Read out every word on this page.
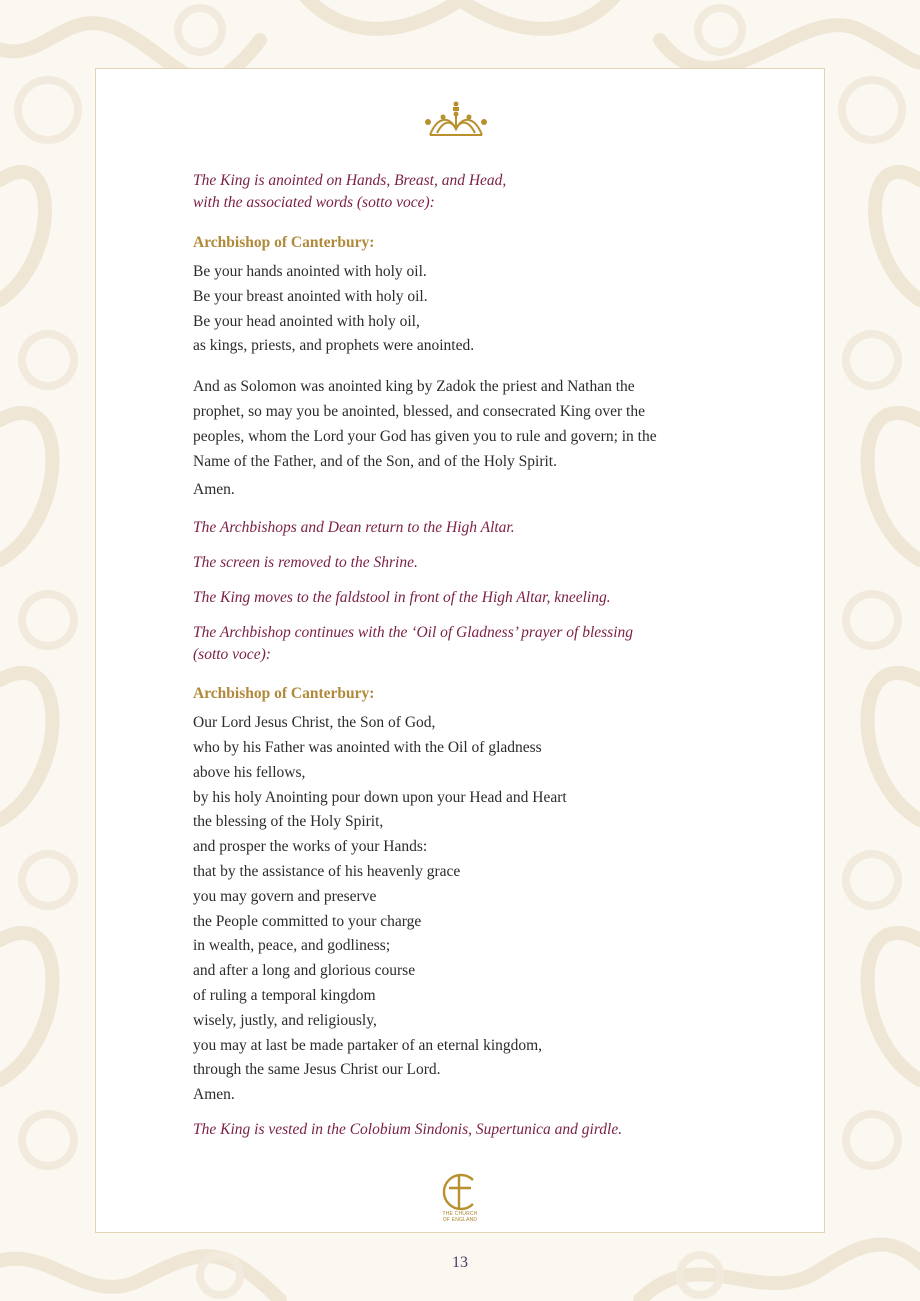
The King is anointed on Hands, Breast, and Head,

with the associated words (sotto voce):

Archbishop of Canterbury:

Be your hands anointed with holy oil.

Be your breast anointed with holy oil.

Be your head anointed with holy oil,

as kings, priests, and prophets were anointed.

And as Solomon was anointed king by Zadok the priest and Nathan the

prophet, so may you be anointed, blessed, and consecrated King over the

peoples, whom the Lord your God has given you to rule and govern; in the

Name of the Father, and of the Son, and of the Holy Spirit.

Amen.

The Archbishops and Dean return to the High Altar.

The screen is removed to the Shrine.

The King moves to the faldstool in front of the High Altar, kneeling.

The Archbishop continues with the ‘Oil of Gladness’ prayer of blessing

(sotto voce):

Archbishop of Canterbury:

Our Lord Jesus Christ, the Son of God,

who by his Father was anointed with the Oil of gladness

above his fellows,

by his holy Anointing pour down upon your Head and Heart

the blessing of the Holy Spirit,

and prosper the works of your Hands:

that by the assistance of his heavenly grace

you may govern and preserve

the People committed to your charge

in wealth, peace, and godliness;

and after a long and glorious course

of ruling a temporal kingdom

wisely, justly, and religiously,

you may at last be made partaker of an eternal kingdom,

through the same Jesus Christ our Lord.

Amen.

The King is vested in the Colobium Sindonis, Supertunica and girdle.

THE CHURCH
OF ENGLAND
13
